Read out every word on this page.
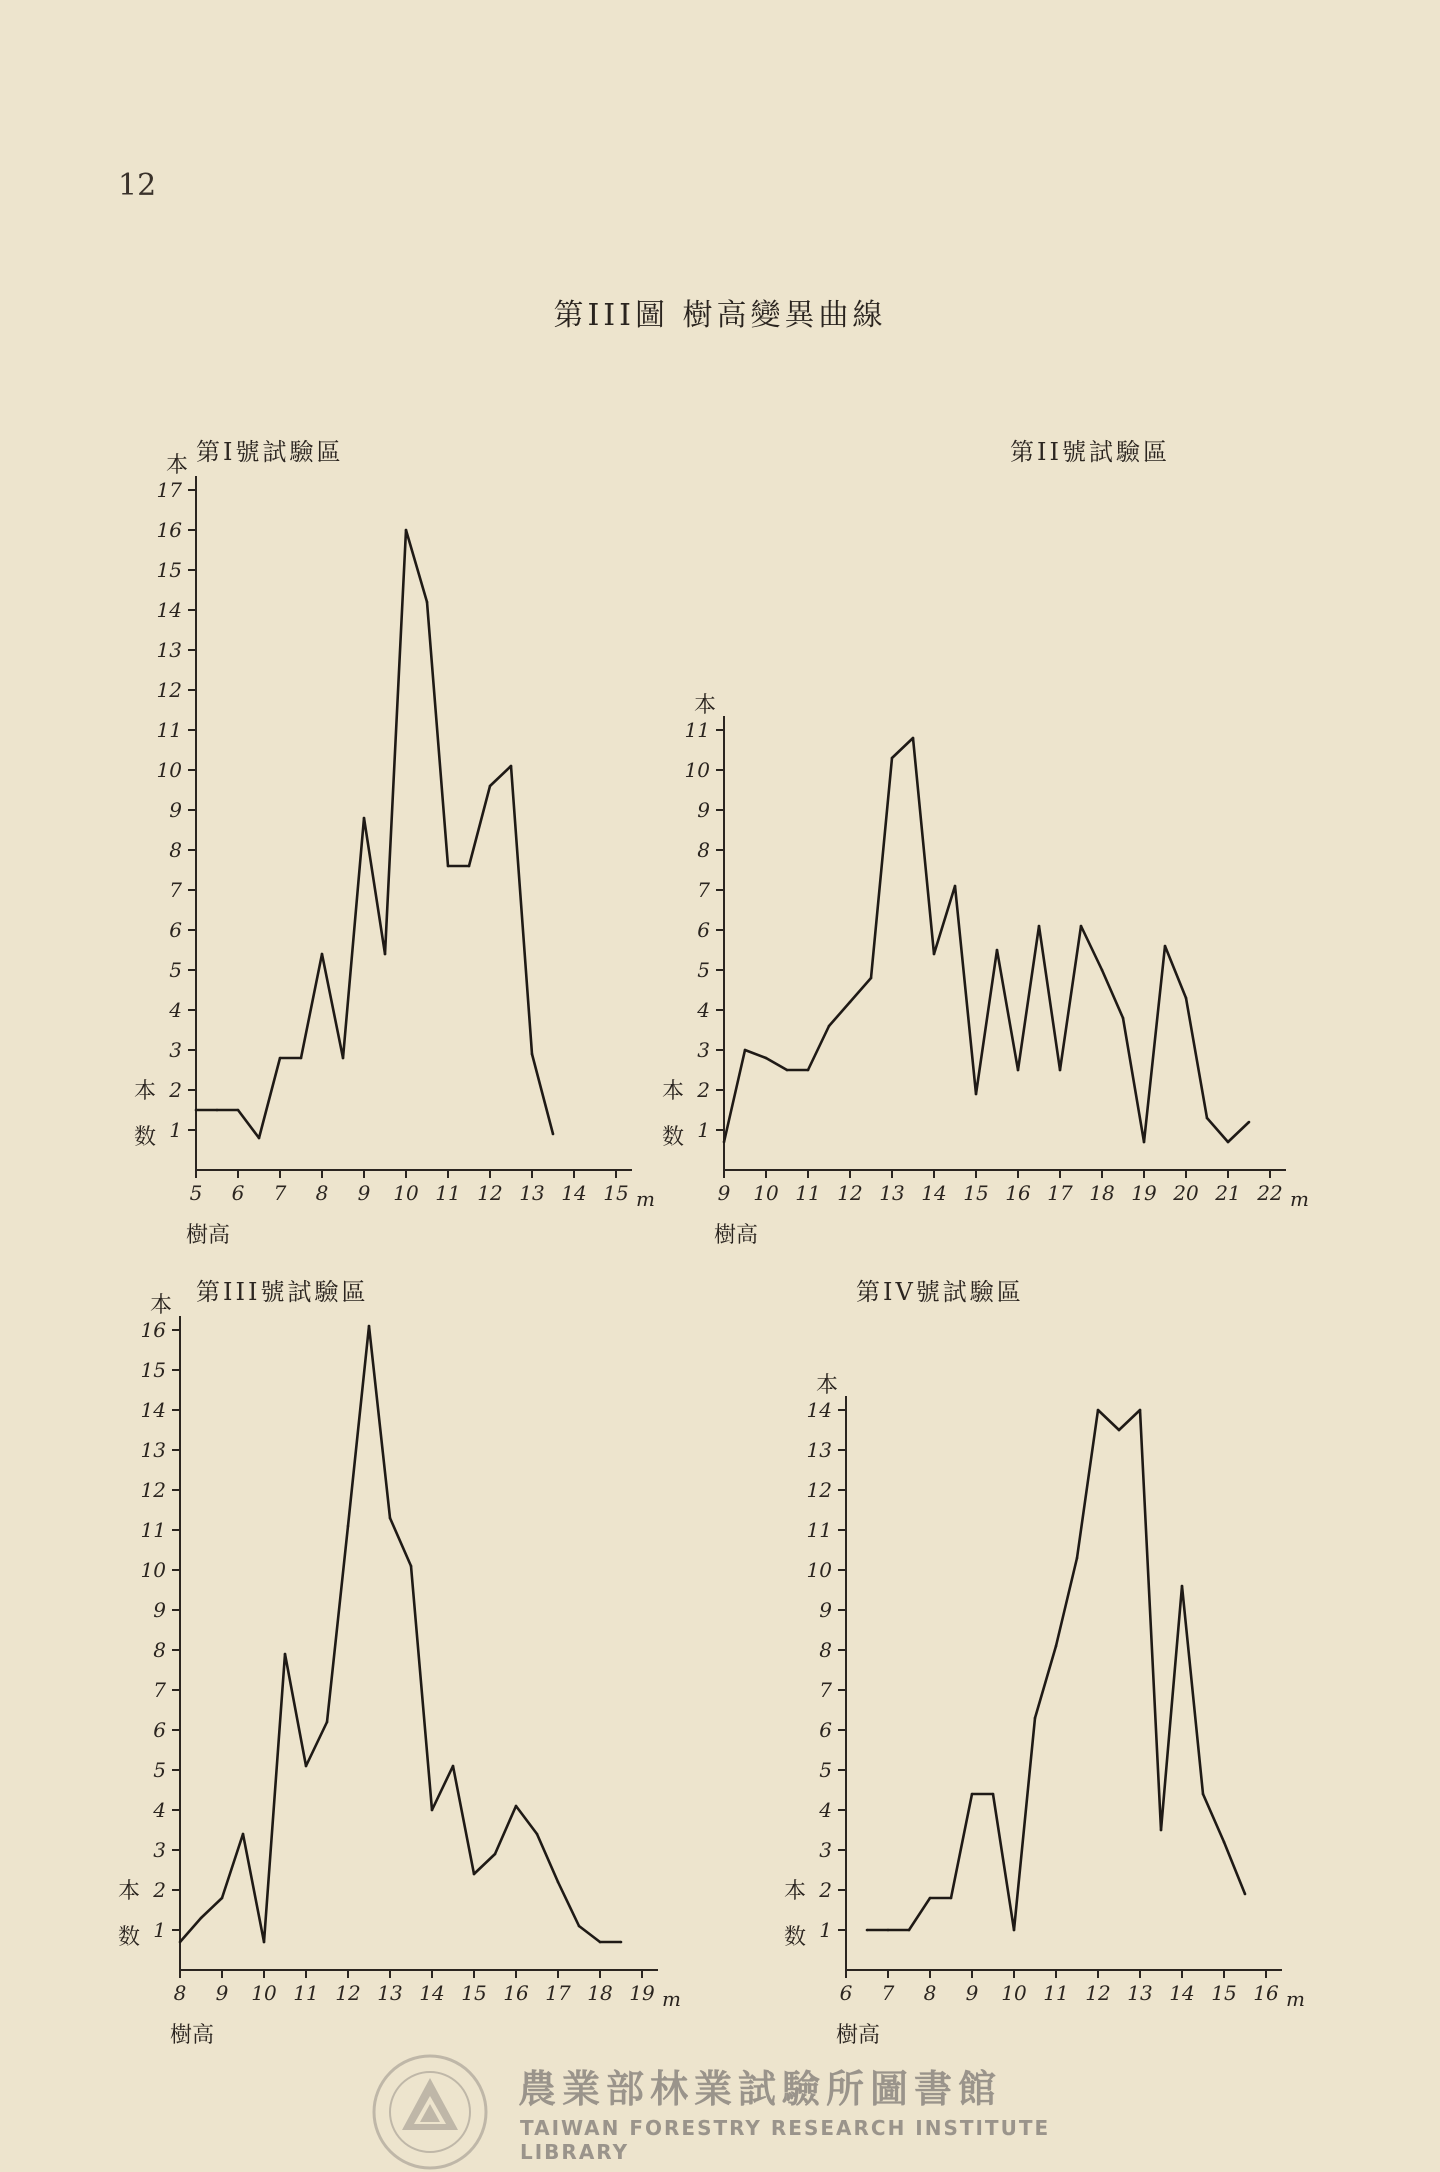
12
第III圖 樹高變異曲線
第I號試驗區
本
1
2
3
4
5
6
7
8
9
10
11
12
13
14
15
16
17
本
数
5 6 7 8 9 10 11 12 13 14 15 m
樹高
第II號試驗區
本
1
2
3
4
5
6
7
8
9
10
11
本
数
9 10 11 12 13 14 15 16 17 18 19 20 21 22 m
樹高
第III號試驗區
本
1
2
3
4
5
6
7
8
9
10
11
12
13
14
15
16
本
数
8 9 10 11 12 13 14 15 16 17 18 19 m
樹高
第IV號試驗區
本
1
2
3
4
5
6
7
8
9
10
11
12
13
14
本
数
6 7 8 9 10 11 12 13 14 15 16 m
樹高
農業部林業試驗所圖書館
TAIWAN FORESTRY RESEARCH INSTITUTE LIBRARY
